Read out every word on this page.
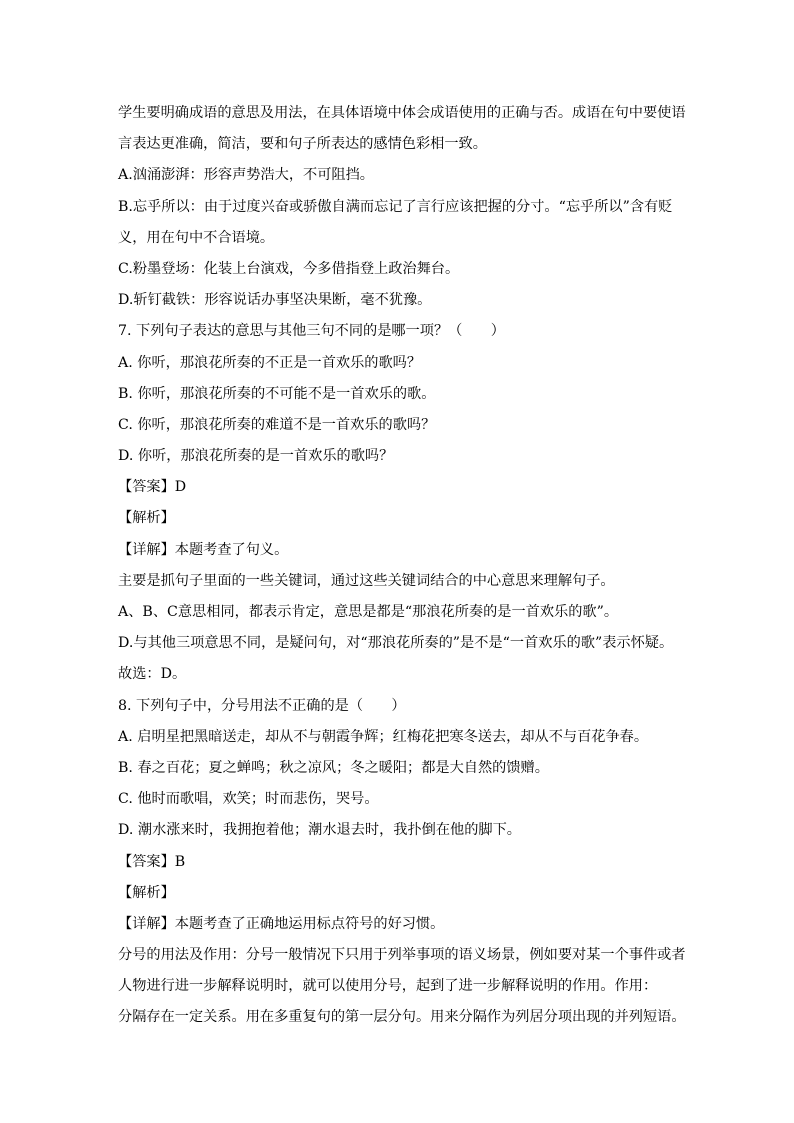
学生要明确成语的意思及用法，在具体语境中体会成语使用的正确与否。成语在句中要使语
言表达更准确，简洁，要和句子所表达的感情色彩相一致。
A.汹涌澎湃：形容声势浩大，不可阻挡。
B.忘乎所以：由于过度兴奋或骄傲自满而忘记了言行应该把握的分寸。“忘乎所以”含有贬
义，用在句中不合语境。
C.粉墨登场：化装上台演戏，今多借指登上政治舞台。
D.斩钉截铁：形容说话办事坚决果断，毫不犹豫。
7. 下列句子表达的意思与其他三句不同的是哪一项？（　　）
A. 你听，那浪花所奏的不正是一首欢乐的歌吗？
B. 你听，那浪花所奏的不可能不是一首欢乐的歌。
C. 你听，那浪花所奏的难道不是一首欢乐的歌吗？
D. 你听，那浪花所奏的是一首欢乐的歌吗？
【答案】D
【解析】
【详解】本题考查了句义。
主要是抓句子里面的一些关键词，通过这些关键词结合的中心意思来理解句子。
A、B、C意思相同，都表示肯定，意思是都是“那浪花所奏的是一首欢乐的歌”。
D.与其他三项意思不同，是疑问句，对“那浪花所奏的”是不是“一首欢乐的歌”表示怀疑。
故选：D。
8. 下列句子中，分号用法不正确的是（　　）
A. 启明星把黑暗送走，却从不与朝霞争辉；红梅花把寒冬送去，却从不与百花争春。
B. 春之百花；夏之蝉鸣；秋之凉风；冬之暖阳；都是大自然的馈赠。
C. 他时而歌唱，欢笑；时而悲伤，哭号。
D. 潮水涨来时，我拥抱着他；潮水退去时，我扑倒在他的脚下。
【答案】B
【解析】
【详解】本题考查了正确地运用标点符号的好习惯。
分号的用法及作用：分号一般情况下只用于列举事项的语义场景，例如要对某一个事件或者
人物进行进一步解释说明时，就可以使用分号，起到了进一步解释说明的作用。作用：
分隔存在一定关系。用在多重复句的第一层分句。用来分隔作为列居分项出现的并列短语。
